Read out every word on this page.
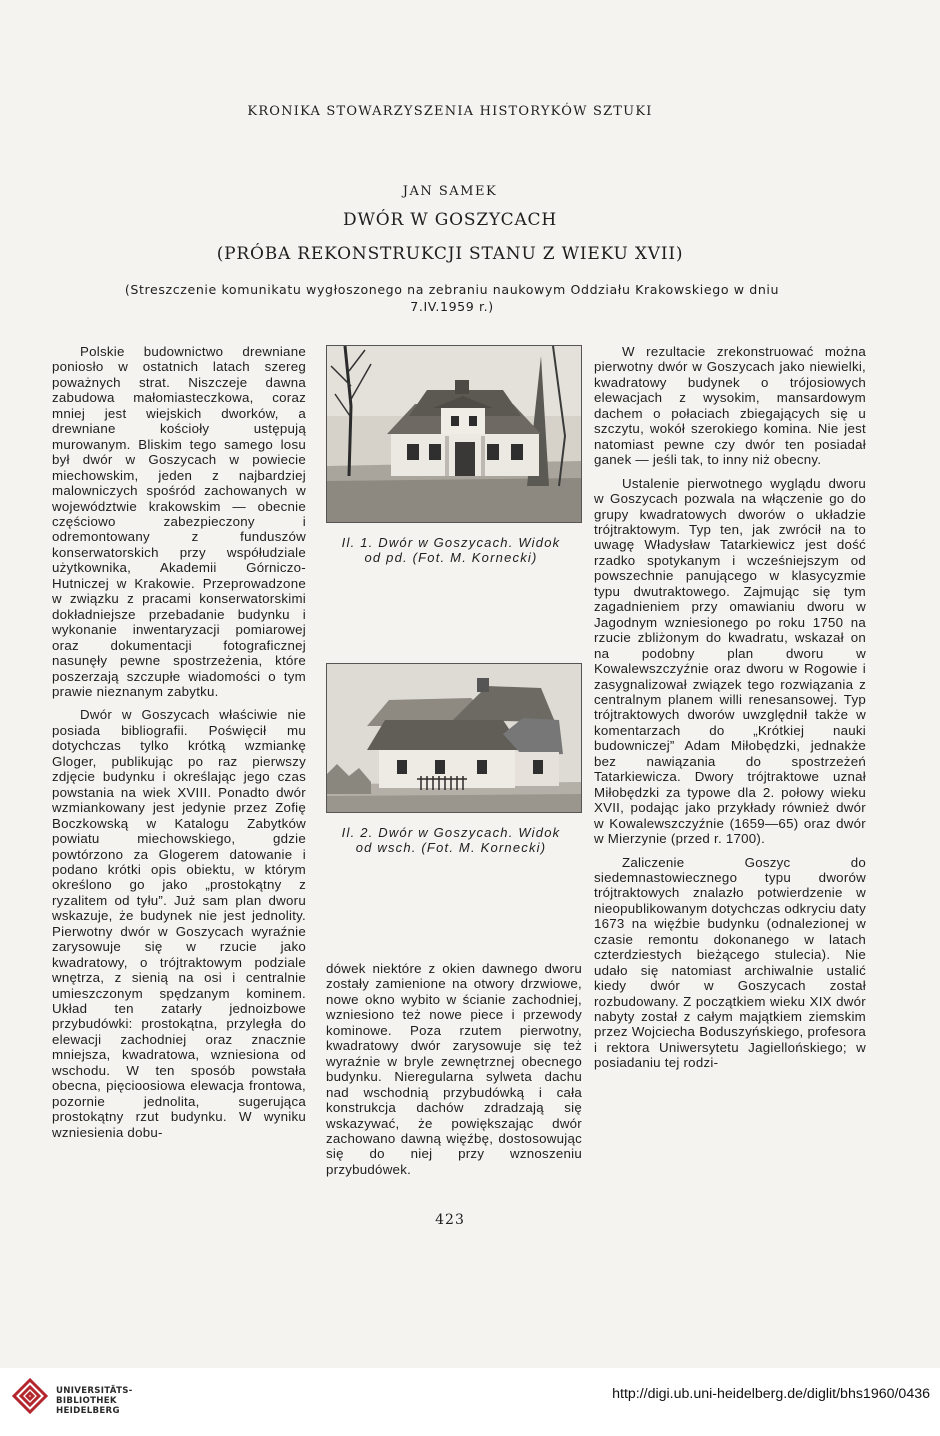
KRONIKA STOWARZYSZENIA HISTORYKÓW SZTUKI
JAN SAMEK
DWÓR W GOSZYCACH
(PRÓBA REKONSTRUKCJI STANU Z WIEKU XVII)
(Streszczenie komunikatu wygłoszonego na zebraniu naukowym Oddziału Krakowskiego w dniu
7.IV.1959 r.)

Polskie budownictwo drewniane poniosło w ostatnich latach szereg poważnych strat. Niszczeje dawna zabudowa małomiasteczkowa, coraz mniej jest wiejskich dworków, a drewniane kościoły ustępują murowanym. Bliskim tego samego losu był dwór w Goszycach w powiecie miechowskim, jeden z najbardziej malowniczych spośród zachowanych w województwie krakowskim — obecnie częściowo zabezpieczony i odremontowany z funduszów konserwatorskich przy współudziale użytkownika, Akademii Górniczo-Hutniczej w Krakowie. Przeprowadzone w związku z pracami konserwatorskimi dokładniejsze przebadanie budynku i wykonanie inwentaryzacji pomiarowej oraz dokumentacji fotograficznej nasunęły pewne spostrzeżenia, które poszerzają szczupłe wiadomości o tym prawie nieznanym zabytku.

Dwór w Goszycach właściwie nie posiada bibliografii. Poświęcił mu dotychczas tylko krótką wzmiankę Gloger, publikując po raz pierwszy zdjęcie budynku i określając jego czas powstania na wiek XVIII. Ponadto dwór wzmiankowany jest jedynie przez Zofię Boczkowską w Katalogu Zabytków powiatu miechowskiego, gdzie powtórzono za Glogerem datowanie i podano krótki opis obiektu, w którym określono go jako „prostokątny z ryzalitem od tyłu”. Już sam plan dworu wskazuje, że budynek nie jest jednolity. Pierwotny dwór w Goszycach wyraźnie zarysowuje się w rzucie jako kwadratowy, o trójtraktowym podziale wnętrza, z sienią na osi i centralnie umieszczonym spędzanym kominem. Układ ten zatarły jednoizbowe przybudówki: prostokątna, przyległa do elewacji zachodniej oraz znacznie mniejsza, kwadratowa, wzniesiona od wschodu. W ten sposób powstała obecna, pięcioosiowa elewacja frontowa, pozornie jednolita, sugerująca prostokątny rzut budynku. W wyniku wzniesienia dobu-

Il. 1. Dwór w Goszycach. Widok
od pd. (Fot. M. Kornecki)
Il. 2. Dwór w Goszycach. Widok
od wsch. (Fot. M. Kornecki)

dówek niektóre z okien dawnego dworu zostały zamienione na otwory drzwiowe, nowe okno wybito w ścianie zachodniej, wzniesiono też nowe piece i przewody kominowe. Poza rzutem pierwotny, kwadratowy dwór zarysowuje się też wyraźnie w bryle zewnętrznej obecnego budynku. Nieregularna sylweta dachu nad wschodnią przybudówką i cała konstrukcja dachów zdradzają się wskazywać, że powiększając dwór zachowano dawną więźbę, dostosowując się do niej przy wznoszeniu przybudówek.

W rezultacie zrekonstruować można pierwotny dwór w Goszycach jako niewielki, kwadratowy budynek o trójosiowych elewacjach z wysokim, mansardowym dachem o połaciach zbiegających się u szczytu, wokół szerokiego komina. Nie jest natomiast pewne czy dwór ten posiadał ganek — jeśli tak, to inny niż obecny.

Ustalenie pierwotnego wyglądu dworu w Goszycach pozwala na włączenie go do grupy kwadratowych dworów o układzie trójtraktowym. Typ ten, jak zwrócił na to uwagę Władysław Tatarkiewicz jest dość rzadko spotykanym i wcześniejszym od powszechnie panującego w klasycyzmie typu dwutraktowego. Zajmując się tym zagadnieniem przy omawianiu dworu w Jagodnym wzniesionego po roku 1750 na rzucie zbliżonym do kwadratu, wskazał on na podobny plan dworu w Kowalewszczyźnie oraz dworu w Rogowie i zasygnalizował związek tego rozwiązania z centralnym planem willi renesansowej. Typ trójtraktowych dworów uwzględnił także w komentarzach do „Krótkiej nauki budowniczej” Adam Miłobędzki, jednakże bez nawiązania do spostrzeżeń Tatarkiewicza. Dwory trójtraktowe uznał Miłobędzki za typowe dla 2. połowy wieku XVII, podając jako przykłady również dwór w Kowalewszczyźnie (1659—65) oraz dwór w Mierzynie (przed r. 1700).

Zaliczenie Goszyc do siedemnastowiecznego typu dworów trójtraktowych znalazło potwierdzenie w nieopublikowanym dotychczas odkryciu daty 1673 na więźbie budynku (odnalezionej w czasie remontu dokonanego w latach czterdziestych bieżącego stulecia). Nie udało się natomiast archiwalnie ustalić kiedy dwór w Goszycach został rozbudowany. Z początkiem wieku XIX dwór nabyty został z całym majątkiem ziemskim przez Wojciecha Boduszyńskiego, profesora i rektora Uniwersytetu Jagiellońskiego; w posiadaniu tej rodzi-

423
UNIVERSITÄTS-
BIBLIOTHEK
HEIDELBERG
http://digi.ub.uni-heidelberg.de/diglit/bhs1960/0436
